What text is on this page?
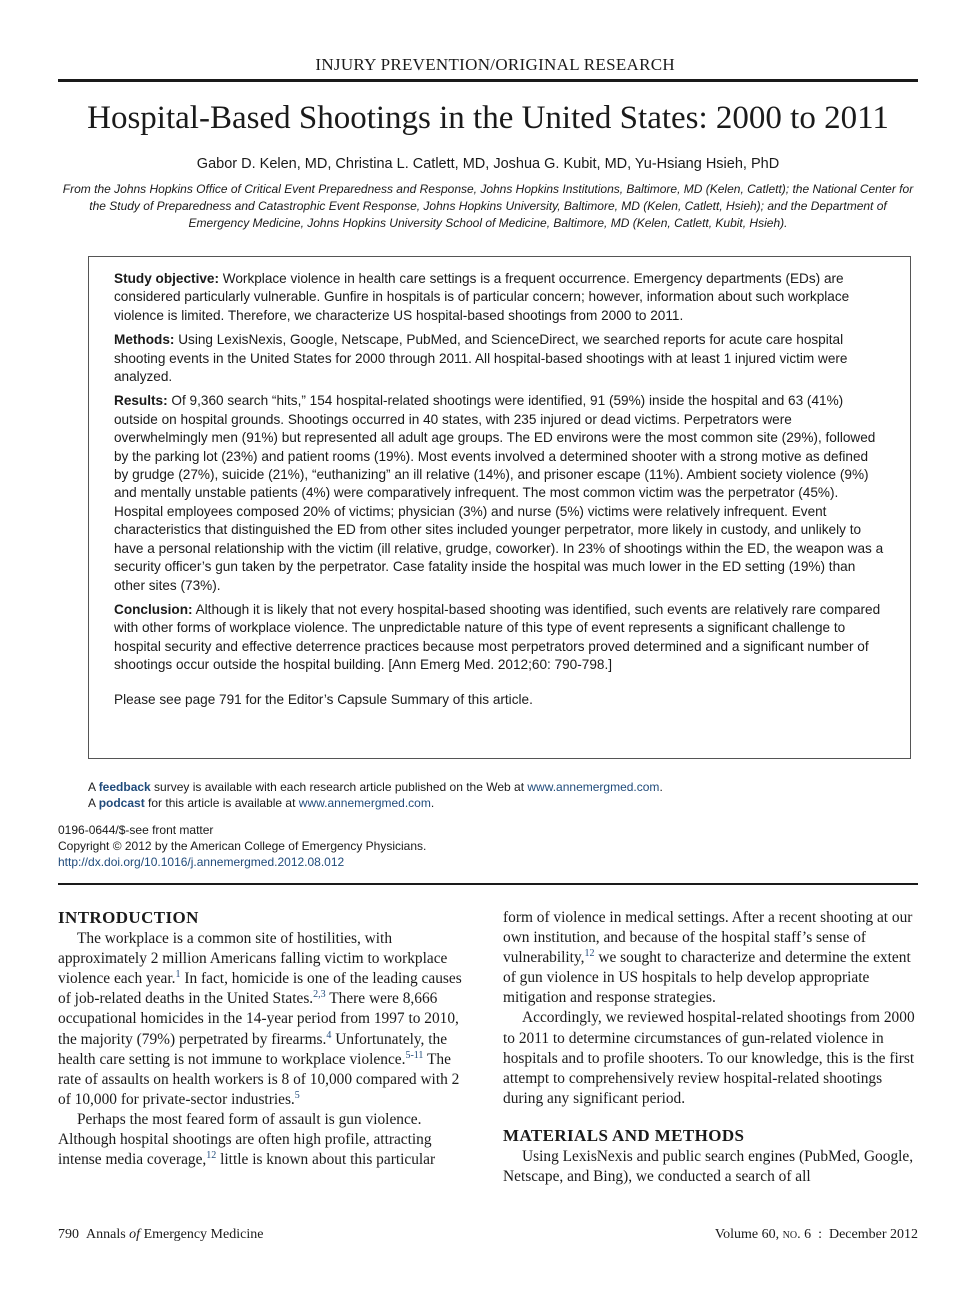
INJURY PREVENTION/ORIGINAL RESEARCH
Hospital-Based Shootings in the United States: 2000 to 2011
Gabor D. Kelen, MD, Christina L. Catlett, MD, Joshua G. Kubit, MD, Yu-Hsiang Hsieh, PhD
From the Johns Hopkins Office of Critical Event Preparedness and Response, Johns Hopkins Institutions, Baltimore, MD (Kelen, Catlett); the National Center for the Study of Preparedness and Catastrophic Event Response, Johns Hopkins University, Baltimore, MD (Kelen, Catlett, Hsieh); and the Department of Emergency Medicine, Johns Hopkins University School of Medicine, Baltimore, MD (Kelen, Catlett, Kubit, Hsieh).

Study objective: Workplace violence in health care settings is a frequent occurrence. Emergency departments (EDs) are considered particularly vulnerable. Gunfire in hospitals is of particular concern; however, information about such workplace violence is limited. Therefore, we characterize US hospital-based shootings from 2000 to 2011.

Methods: Using LexisNexis, Google, Netscape, PubMed, and ScienceDirect, we searched reports for acute care hospital shooting events in the United States for 2000 through 2011. All hospital-based shootings with at least 1 injured victim were analyzed.

Results: Of 9,360 search “hits,” 154 hospital-related shootings were identified, 91 (59%) inside the hospital and 63 (41%) outside on hospital grounds. Shootings occurred in 40 states, with 235 injured or dead victims. Perpetrators were overwhelmingly men (91%) but represented all adult age groups. The ED environs were the most common site (29%), followed by the parking lot (23%) and patient rooms (19%). Most events involved a determined shooter with a strong motive as defined by grudge (27%), suicide (21%), “euthanizing” an ill relative (14%), and prisoner escape (11%). Ambient society violence (9%) and mentally unstable patients (4%) were comparatively infrequent. The most common victim was the perpetrator (45%). Hospital employees composed 20% of victims; physician (3%) and nurse (5%) victims were relatively infrequent. Event characteristics that distinguished the ED from other sites included younger perpetrator, more likely in custody, and unlikely to have a personal relationship with the victim (ill relative, grudge, coworker). In 23% of shootings within the ED, the weapon was a security officer’s gun taken by the perpetrator. Case fatality inside the hospital was much lower in the ED setting (19%) than other sites (73%).

Conclusion: Although it is likely that not every hospital-based shooting was identified, such events are relatively rare compared with other forms of workplace violence. The unpredictable nature of this type of event represents a significant challenge to hospital security and effective deterrence practices because most perpetrators proved determined and a significant number of shootings occur outside the hospital building. [Ann Emerg Med. 2012;60: 790-798.]

Please see page 791 for the Editor’s Capsule Summary of this article.

A feedback survey is available with each research article published on the Web at www.annemergmed.com.
A podcast for this article is available at www.annemergmed.com.
0196-0644/$-see front matter
Copyright © 2012 by the American College of Emergency Physicians.
http://dx.doi.org/10.1016/j.annemergmed.2012.08.012
INTRODUCTION

The workplace is a common site of hostilities, with approximately 2 million Americans falling victim to workplace violence each year.$^1$ In fact, homicide is one of the leading causes of job-related deaths in the United States.$^{2,3}$ There were 8,666 occupational homicides in the 14-year period from 1997 to 2010, the majority (79%) perpetrated by firearms.$^4$ Unfortunately, the health care setting is not immune to workplace violence.$^{5-11}$ The rate of assaults on health workers is 8 of 10,000 compared with 2 of 10,000 for private-sector industries.$^5$

Perhaps the most feared form of assault is gun violence. Although hospital shootings are often high profile, attracting intense media coverage,$^{12}$ little is known about this particular

form of violence in medical settings. After a recent shooting at our own institution, and because of the hospital staff’s sense of vulnerability,$^{12}$ we sought to characterize and determine the extent of gun violence in US hospitals to help develop appropriate mitigation and response strategies.

Accordingly, we reviewed hospital-related shootings from 2000 to 2011 to determine circumstances of gun-related violence in hospitals and to profile shooters. To our knowledge, this is the first attempt to comprehensively review hospital-related shootings during any significant period.

MATERIALS AND METHODS

Using LexisNexis and public search engines (PubMed, Google, Netscape, and Bing), we conducted a search of all

790 Annals of Emergency Medicine	Volume 60, no. 6 : December 2012
